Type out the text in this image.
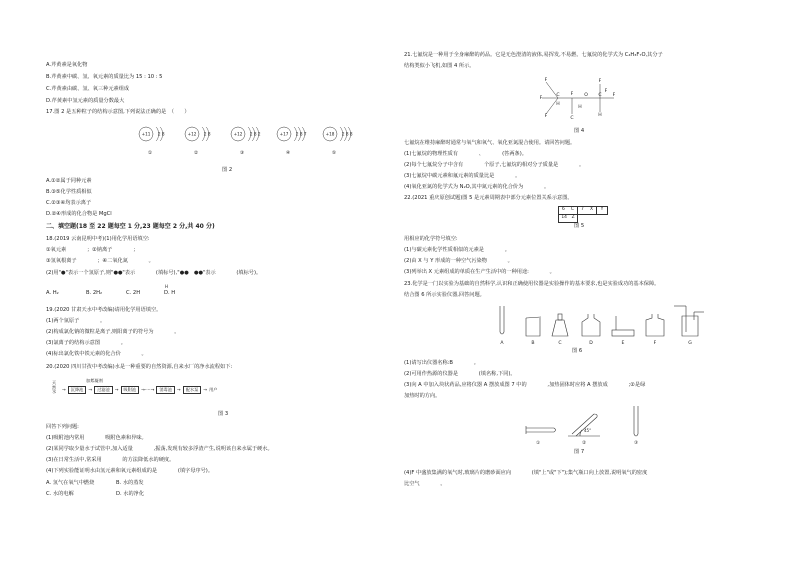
A.芹黄素是氧化物
B.芹黄素中碳、氢、氧元素的质量比为 15 : 10 : 5
C.芹黄素由碳、氢、氧三种元素组成
D.芹黄素中氢元素的质量分数最大
17.图 2 是五种粒子的结构示意图,下列说法正确的是　（　　）
+11 2 8
①
+12 2 8
②
+12 2 8 2
③
+17 2 8 7
④
+18 2 8 8
⑤
图 2
A.①②属于同种元素
B.③⑤化学性质相似
C.②③④均表示离子
D.②④形成的化合物是 MgCl
二、填空题(18 至 22 题每空 1 分,23 题每空 2 分,共 40 分)
18.(2019 云南昆明中考)(1)用化学用语填空:
①氧元素　　　　；②钠离子　　　　；
③氢氧根离子　　　　；④二氧化氮　　　　。
(2)用"●"表示一个氢原子,则"●●"表示　　　　(填标号),"●●　●●"表示　　　　(填标号)。
H
A. H₂	B. 2H₂	C. 2H	D. H
19.(2020 甘肃天水中考改编)请用化学用语填空。
(1)两个氩原子　　　　。
(2)构成氯化钠的微粒是离子,则阳离子的符号为　　　　。
(3)氯离子的结构示意图　　　　。
(4)标出氯化铁中铁元素的化合价　　　　。
20.(2020 四川甘孜中考改编)水是一种重要的自然资源,自来水厂的净水流程如下:
天然水
加絮凝剂
→ 沉降池 → 过滤池 → 吸附池 →····→ 消毒池 → 配水泵 → 用户
图 3
回答下列问题:
(1)吸附池内常用　　　　吸附色素和异味。
(2)某同学取少量水于试管中,加入适量　　　　,振荡,发现有较多浮渣产生,说明该自来水属于硬水。
(3)在日常生活中,常采用　　　　的方法降低水的硬度。
(4)下列实验能证明水由氢元素和氧元素组成的是　　　　(填字母序号)。
A. 氢气在氧气中燃烧	B. 水的蒸发
C. 水的电解	D. 水的净化
21.七氟烷是一种用于全身麻醉的药品。它是无色澄清的液体,易挥发,不易燃。七氟烷的化学式为 C₄H₃F₇O,其分子
结构类似小飞机,如图 4 所示。
F
F
F
C
H
F
C
O C
F
H
F
F
H
图 4
七氟烷在维持麻醉时通常与氧气和氧气、氧化亚氮混合使用。请回答问题。
(1)七氟烷的物理性质有　　　　、　　　　(答两条)。
(2)每个七氟烷分子中含有　　　　个原子,七氟烷的相对分子质量是　　　　。
(3)七氟烷中碳元素和氟元素的质量比是　　　　。
(4)氧化亚氮的化学式为 N₂O,其中氮元素的化合价为　　　　。
22.(2021 重庆原创试题)图 5 是元素周期表中部分元素位置关系示意图。
6 C 7 X	Y
14 Z
图 5
用相应的化学符号填空:
(1)与碳元素化学性质相似的元素是　　　　。
(2)由 X 与 Y 形成的一种空气污染物　　　　。
(3)列举出 X 元素组成的单质在生产生活中的一种用途:　　　　。
23.化学是一门以实验为基础的自然科学,认识和正确使用仪器是实验操作的基本要求,也是实验成功的基本保障。
结合图 6 所示实验仪器,回答问题。
A	B	C	D	E	F	G
图 6
(1)请写出仪器名称:B　　　　。
(2)可用作热源的仪器是　　　　(填名称,下同)。
(3)向 A 中加入块状药品,应将仪器 A 摆放成图 7 中的　　　　,加热固体时应将 A 摆放成　　　　;②是绿
加热时的方向。
45°
①	②	③
图 7
(4)F 中盛放集满的氧气时,玻璃片的磨砂面应向　　　　(填"上"或"下");集气瓶口向上放置,说明氧气的密度
比空气　　　　。
